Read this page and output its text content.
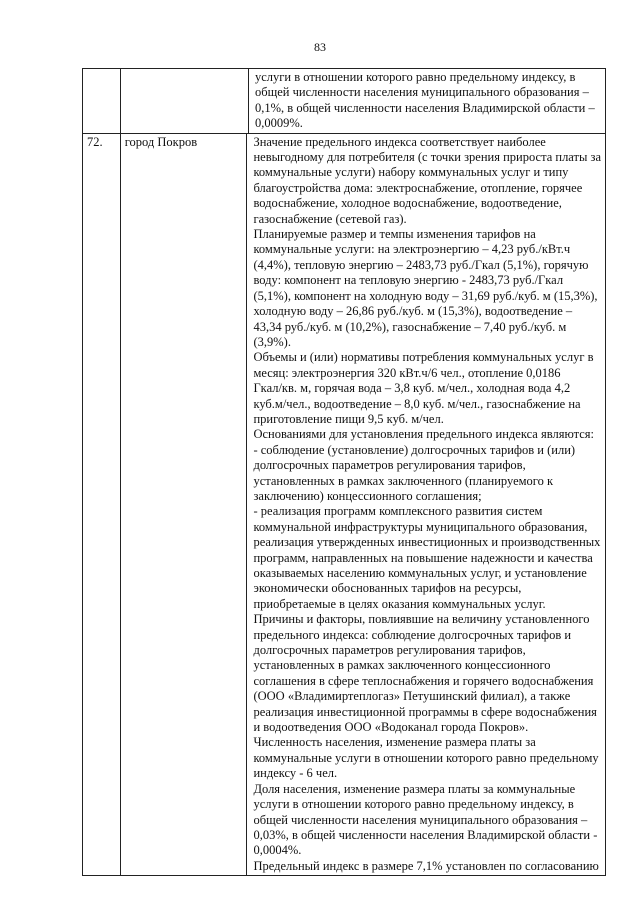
83
услуги в отношении которого равно предельному индексу, в
общей численности населения муниципального образования –
0,1%, в общей численности населения Владимирской области –
0,0009%.
72.	город Покров	Значение предельного индекса соответствует наиболее
невыгодному для потребителя (с точки зрения прироста платы за
коммунальные услуги) набору коммунальных услуг и типу
благоустройства дома: электроснабжение, отопление, горячее
водоснабжение, холодное водоснабжение, водоотведение,
газоснабжение (сетевой газ).
Планируемые размер и темпы изменения тарифов на
коммунальные услуги: на электроэнергию – 4,23 руб./кВт.ч
(4,4%), тепловую энергию – 2483,73 руб./Гкал (5,1%), горячую
воду: компонент на тепловую энергию - 2483,73 руб./Гкал
(5,1%), компонент на холодную воду – 31,69 руб./куб. м (15,3%),
холодную воду – 26,86 руб./куб. м (15,3%), водоотведение –
43,34 руб./куб. м (10,2%), газоснабжение – 7,40 руб./куб. м
(3,9%).
Объемы и (или) нормативы потребления коммунальных услуг в
месяц: электроэнергия 320 кВт.ч/6 чел., отопление 0,0186
Гкал/кв. м, горячая вода – 3,8 куб. м/чел., холодная вода 4,2
куб.м/чел., водоотведение – 8,0 куб. м/чел., газоснабжение на
приготовление пищи 9,5 куб. м/чел.
Основаниями для установления предельного индекса являются:
- соблюдение (установление) долгосрочных тарифов и (или)
долгосрочных параметров регулирования тарифов,
установленных в рамках заключенного (планируемого к
заключению) концессионного соглашения;
- реализация программ комплексного развития систем
коммунальной инфраструктуры муниципального образования,
реализация утвержденных инвестиционных и производственных
программ, направленных на повышение надежности и качества
оказываемых населению коммунальных услуг, и установление
экономически обоснованных тарифов на ресурсы,
приобретаемые в целях оказания коммунальных услуг.
Причины и факторы, повлиявшие на величину установленного
предельного индекса: соблюдение долгосрочных тарифов и
долгосрочных параметров регулирования тарифов,
установленных в рамках заключенного концессионного
соглашения в сфере теплоснабжения и горячего водоснабжения
(ООО «Владимиртеплогаз» Петушинский филиал), а также
реализация инвестиционной программы в сфере водоснабжения
и водоотведения ООО «Водоканал города Покров».
Численность населения, изменение размера платы за
коммунальные услуги в отношении которого равно предельному
индексу - 6 чел.
Доля населения, изменение размера платы за коммунальные
услуги в отношении которого равно предельному индексу, в
общей численности населения муниципального образования –
0,03%, в общей численности населения Владимирской области -
0,0004%.
Предельный индекс в размере 7,1% установлен по согласованию
